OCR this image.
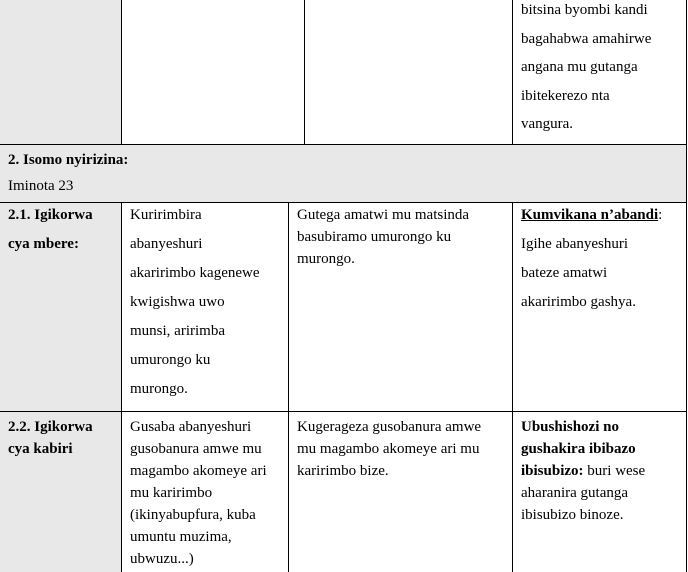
bitsina byombi kandi
bagahabwa amahirwe
angana mu gutanga
ibitekerezo nta
vangura.
2. Isomo nyirizina:
Iminota 23
2.1. Igikorwa
cya mbere:
Kuririmbira
abanyeshuri
akaririmbo kagenewe
kwigishwa uwo
munsi, aririmba
umurongo ku
murongo.
Gutega amatwi mu matsinda
basubiramo umurongo ku
murongo.
Kumvikana n’abandi:
Igihe abanyeshuri
bateze amatwi
akaririmbo gashya.
2.2. Igikorwa
cya kabiri
Gusaba abanyeshuri
gusobanura amwe mu
magambo akomeye ari
mu karirimbo
(ikinyabupfura, kuba
umuntu muzima,
ubwuzu...)
Kugerageza gusobanura amwe
mu magambo akomeye ari mu
karirimbo bize.
Ubushishozi no
gushakira ibibazo
ibisubizo: buri wese
aharanira gutanga
ibisubizo binoze.
